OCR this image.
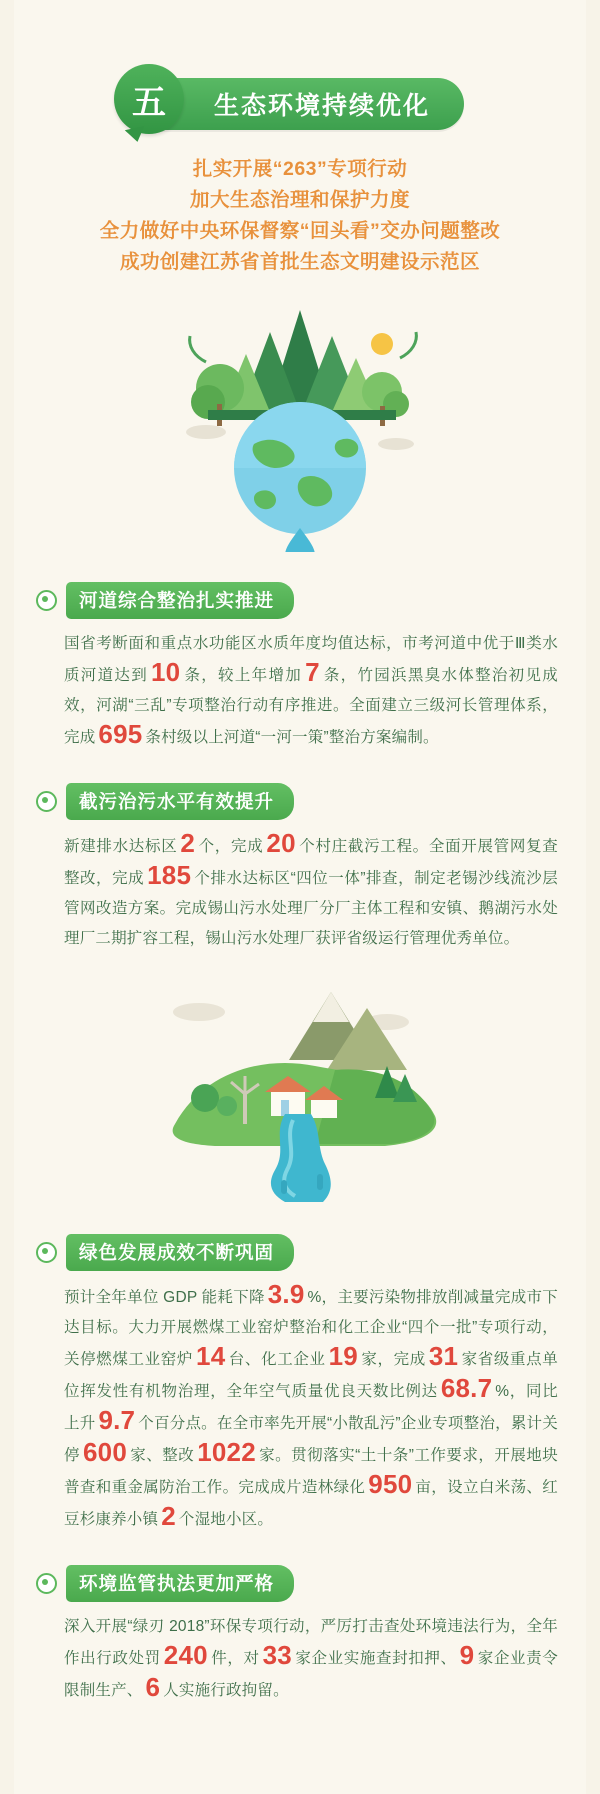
五	生态环境持续优化
扎实开展“263”专项行动
加大生态治理和保护力度
全力做好中央环保督察“回头看”交办问题整改
成功创建江苏省首批生态文明建设示范区
河道综合整治扎实推进
国省考断面和重点水功能区水质年度均值达标，市考河道中优于Ⅲ类水质河道达到 10 条，较上年增加 7 条，竹园浜黑臭水体整治初见成效，河湖“三乱”专项整治行动有序推进。全面建立三级河长管理体系，完成 695 条村级以上河道“一河一策”整治方案编制。
截污治污水平有效提升
新建排水达标区 2 个，完成 20 个村庄截污工程。全面开展管网复查整改，完成 185 个排水达标区“四位一体”排查，制定老锡沙线流沙层管网改造方案。完成锡山污水处理厂分厂主体工程和安镇、鹅湖污水处理厂二期扩容工程，锡山污水处理厂获评省级运行管理优秀单位。
绿色发展成效不断巩固
预计全年单位 GDP 能耗下降 3.9 %，主要污染物排放削减量完成市下达目标。大力开展燃煤工业窑炉整治和化工企业“四个一批”专项行动，关停燃煤工业窑炉 14 台、化工企业 19 家，完成 31 家省级重点单位挥发性有机物治理，全年空气质量优良天数比例达 68.7 %，同比上升 9.7 个百分点。在全市率先开展“小散乱污”企业专项整治，累计关停 600 家、整改 1022 家。贯彻落实“土十条”工作要求，开展地块普查和重金属防治工作。完成成片造林绿化 950 亩，设立白米荡、红豆杉康养小镇 2 个湿地小区。
环境监管执法更加严格
深入开展“绿刃 2018”环保专项行动，严厉打击查处环境违法行为，全年作出行政处罚 240 件，对 33 家企业实施查封扣押、 9 家企业责令限制生产、 6 人实施行政拘留。
